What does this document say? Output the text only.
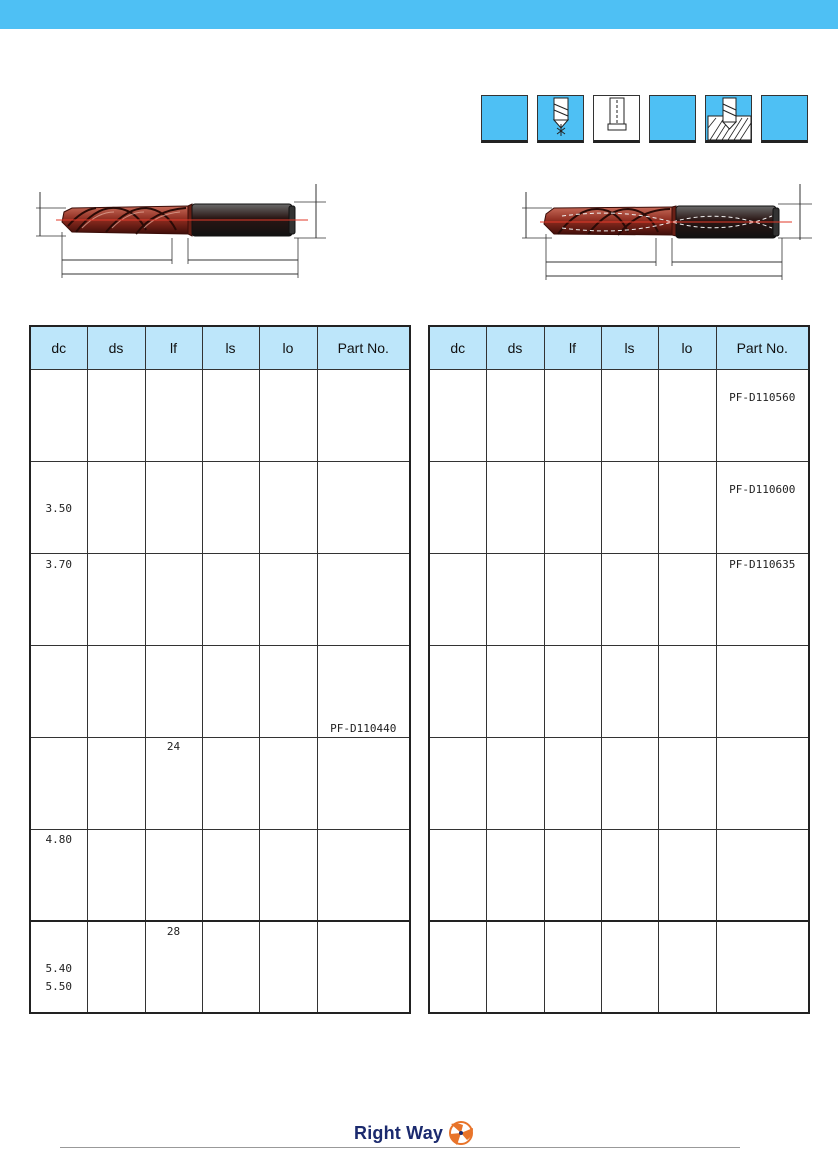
dc	ds	lf	ls	lo	Part No.

3.50					

3.70					

					PF-D110440

		24			

4.80					

5.40
5.50		28			

dc	ds	lf	ls	lo	Part No.

					PF-D110560

					PF-D110600

					PF-D110635

Right Way
